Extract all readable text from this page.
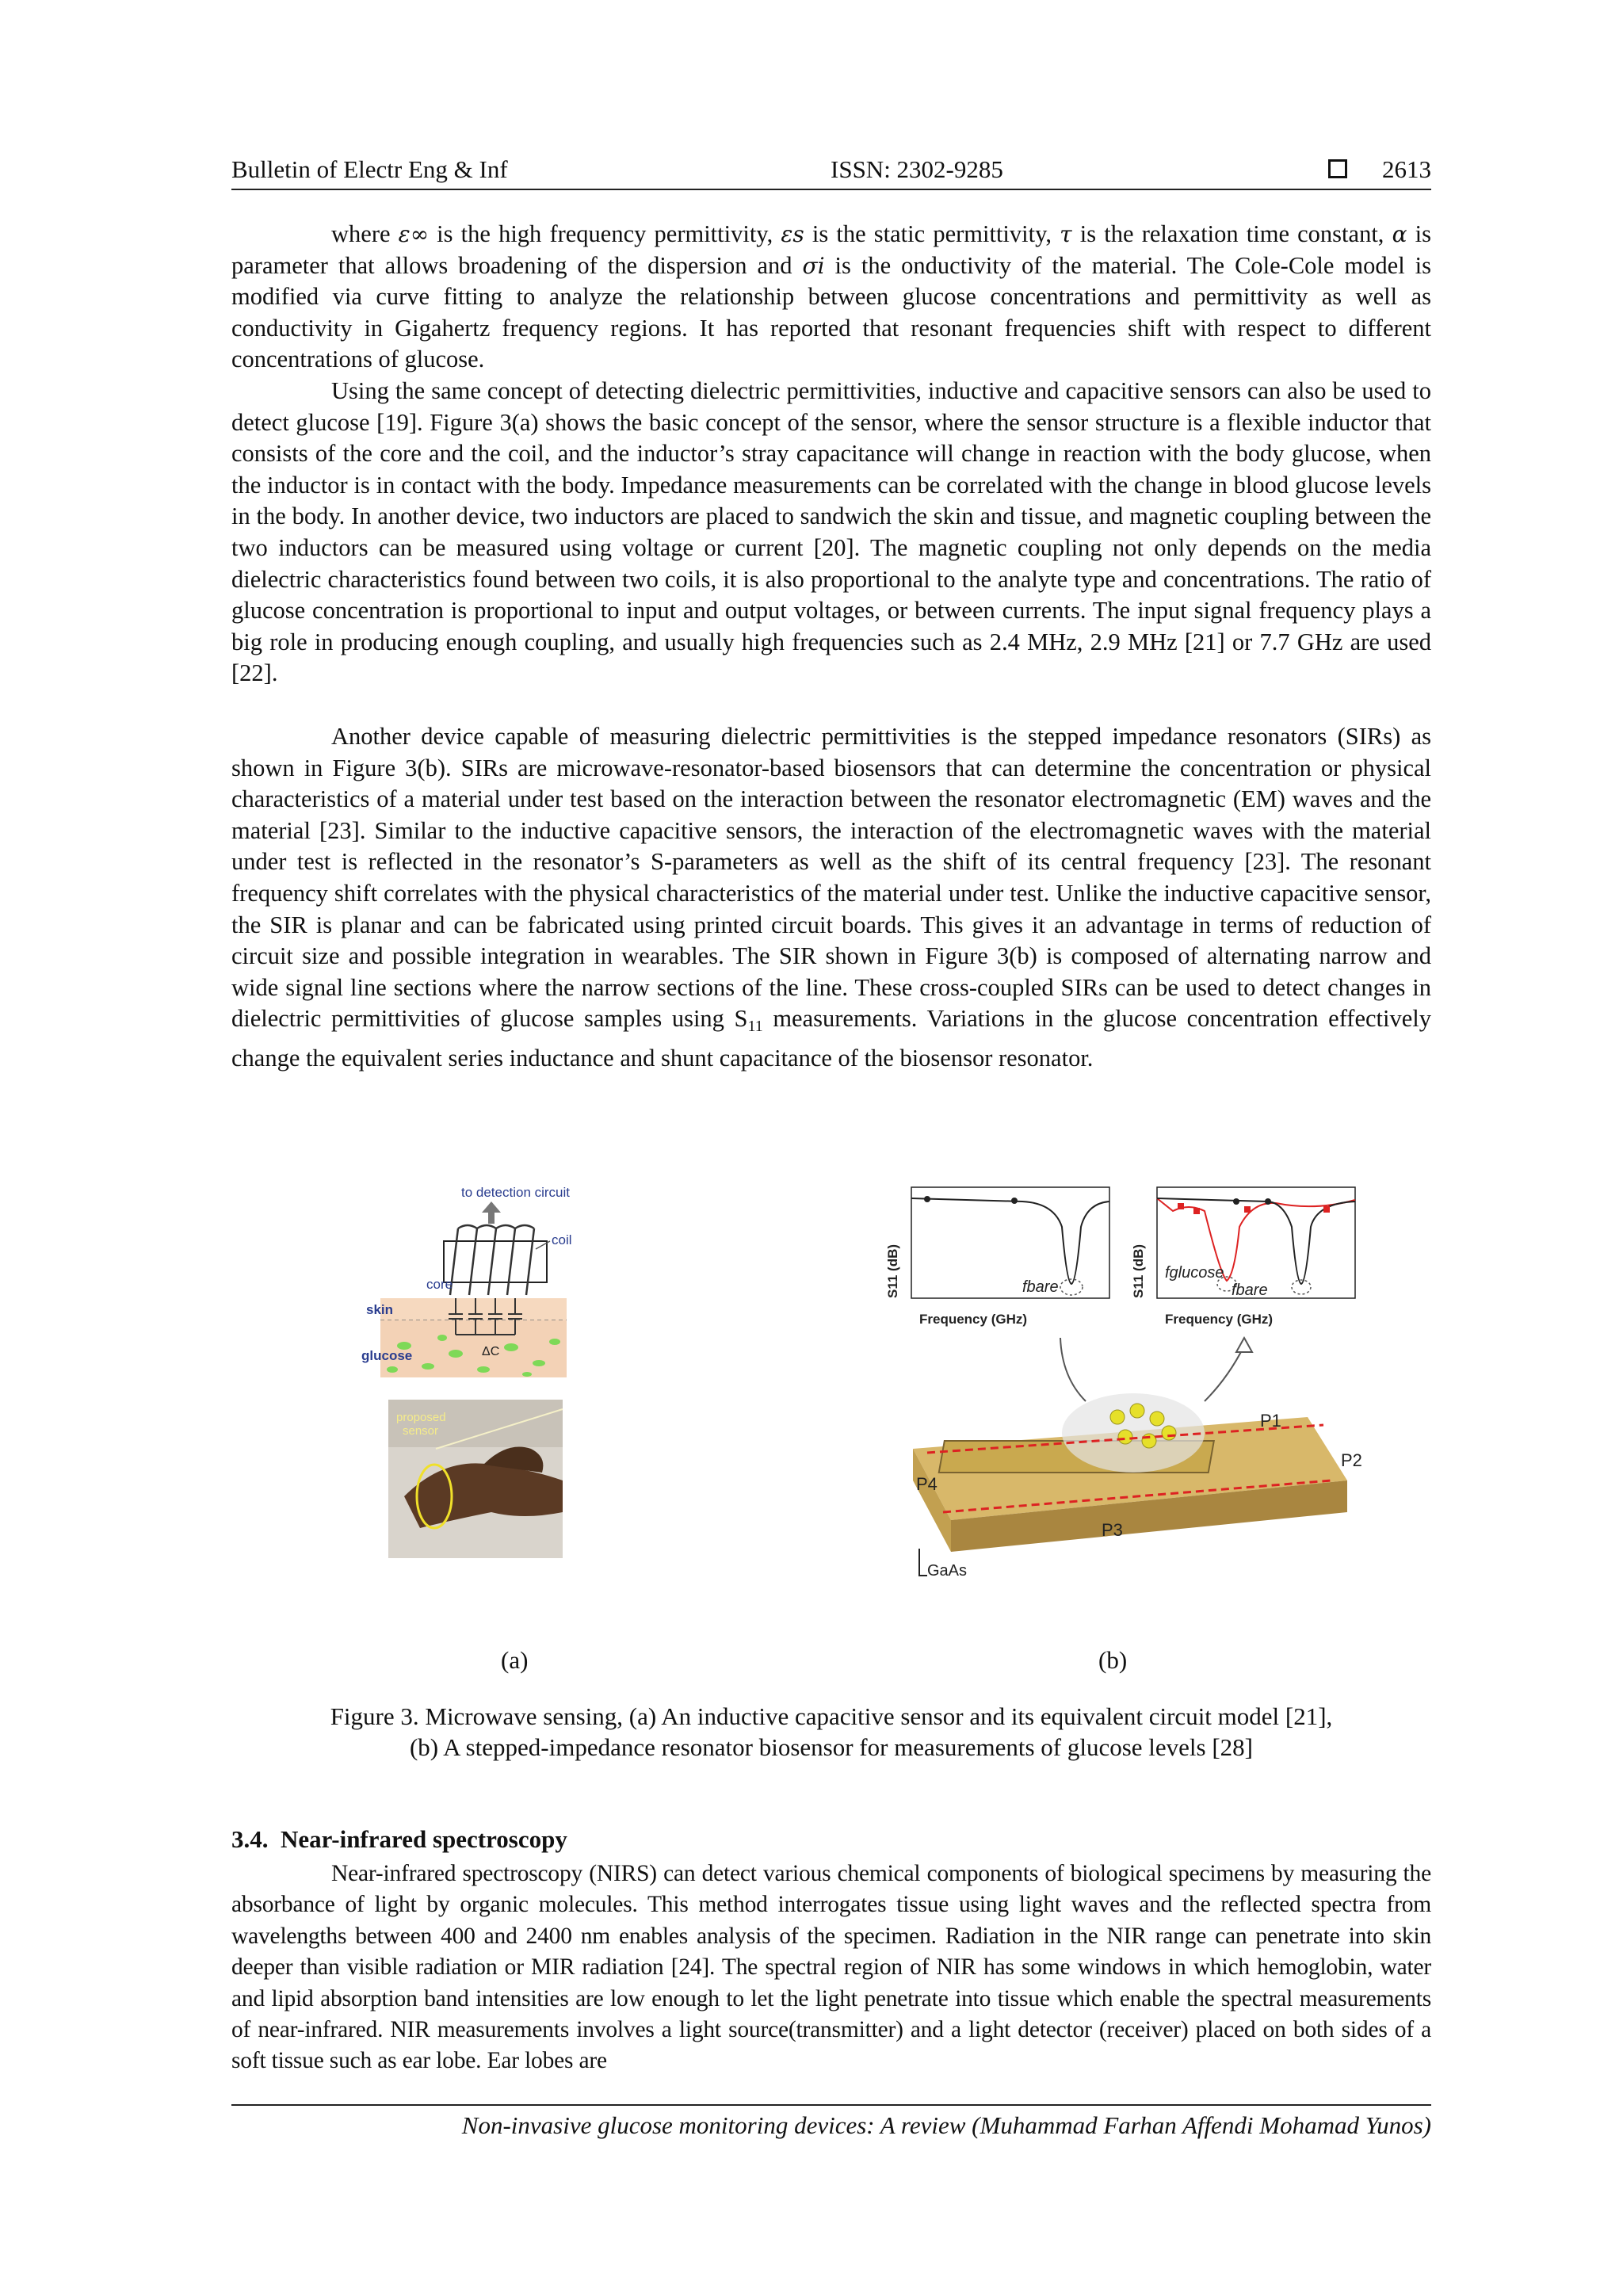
Bulletin of Electr Eng & Inf	ISSN: 2302-9285	2613

where ε∞ is the high frequency permittivity, εs is the static permittivity, τ is the relaxation time constant, α is parameter that allows broadening of the dispersion and σi is the onductivity of the material. The Cole-Cole model is modified via curve fitting to analyze the relationship between glucose concentrations and permittivity as well as conductivity in Gigahertz frequency regions. It has reported that resonant frequencies shift with respect to different concentrations of glucose.

Using the same concept of detecting dielectric permittivities, inductive and capacitive sensors can also be used to detect glucose [19]. Figure 3(a) shows the basic concept of the sensor, where the sensor structure is a flexible inductor that consists of the core and the coil, and the inductor’s stray capacitance will change in reaction with the body glucose, when the inductor is in contact with the body. Impedance measurements can be correlated with the change in blood glucose levels in the body. In another device, two inductors are placed to sandwich the skin and tissue, and magnetic coupling between the two inductors can be measured using voltage or current [20]. The magnetic coupling not only depends on the media dielectric characteristics found between two coils, it is also proportional to the analyte type and concentrations. The ratio of glucose concentration is proportional to input and output voltages, or between currents. The input signal frequency plays a big role in producing enough coupling, and usually high frequencies such as 2.4 MHz, 2.9 MHz [21] or 7.7 GHz are used [22].

Another device capable of measuring dielectric permittivities is the stepped impedance resonators (SIRs) as shown in Figure 3(b). SIRs are microwave-resonator-based biosensors that can determine the concentration or physical characteristics of a material under test based on the interaction between the resonator electromagnetic (EM) waves and the material [23]. Similar to the inductive capacitive sensors, the interaction of the electromagnetic waves with the material under test is reflected in the resonator’s S-parameters as well as the shift of its central frequency [23]. The resonant frequency shift correlates with the physical characteristics of the material under test. Unlike the inductive capacitive sensor, the SIR is planar and can be fabricated using printed circuit boards. This gives it an advantage in terms of reduction of circuit size and possible integration in wearables. The SIR shown in Figure 3(b) is composed of alternating narrow and wide signal line sections where the narrow sections of the line. These cross-coupled SIRs can be used to detect changes in dielectric permittivities of glucose samples using $S_{11}$ measurements. Variations in the glucose concentration effectively change the equivalent series inductance and shunt capacitance of the biosensor resonator.

to detection circuit
coil
core
skin
glucose	ΔC
proposed
sensor
S11 (dB)	fbare
Frequency (GHz)
S11 (dB) fglucose
fbare
Frequency (GHz)
P1
P2
P3
P4
GaAs
(a)	(b)
Figure 3. Microwave sensing, (a) An inductive capacitive sensor and its equivalent circuit model [21],
(b) A stepped-impedance resonator biosensor for measurements of glucose levels [28]
3.4. Near-infrared spectroscopy

Near-infrared spectroscopy (NIRS) can detect various chemical components of biological specimens by measuring the absorbance of light by organic molecules. This method interrogates tissue using light waves and the reflected spectra from wavelengths between 400 and 2400 nm enables analysis of the specimen. Radiation in the NIR range can penetrate into skin deeper than visible radiation or MIR radiation [24]. The spectral region of NIR has some windows in which hemoglobin, water and lipid absorption band intensities are low enough to let the light penetrate into tissue which enable the spectral measurements of near-infrared. NIR measurements involves a light source(transmitter) and a light detector (receiver) placed on both sides of a soft tissue such as ear lobe. Ear lobes are

Non-invasive glucose monitoring devices: A review (Muhammad Farhan Affendi Mohamad Yunos)
